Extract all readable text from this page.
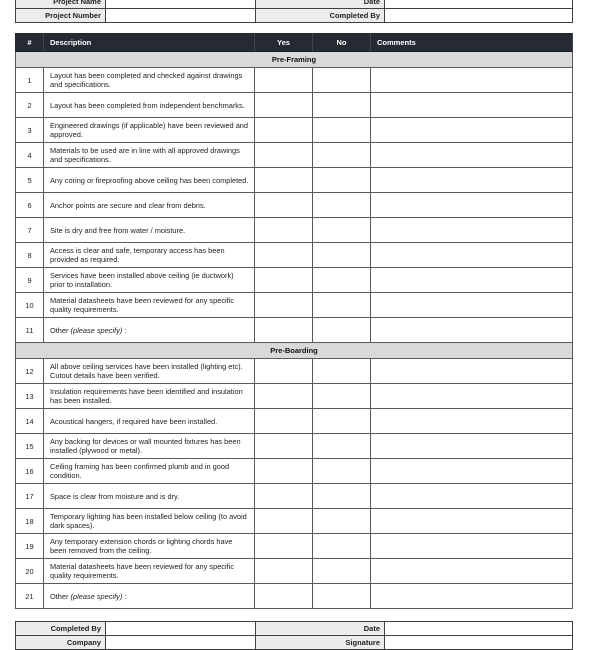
Project Name		Date	
Project Number		Completed By	
#	Description	Yes	No	Comments
Pre-Framing				
1	Layout has been completed and checked against drawings and specifications.			
2	Layout has been completed from independent benchmarks.			
3	Engineered drawings (if applicable) have been reviewed and approved.			
4	Materials to be used are in line with all approved drawings and specifications.			
5	Any coring or fireproofing above ceiling has been completed.			
6	Anchor points are secure and clear from debris.			
7	Site is dry and free from water / moisture.			
8	Access is clear and safe, temporary access has been provided as required.			
9	Services have been installed above ceiling (ie ductwork) prior to installation.			
10	Material datasheets have been reviewed for any specific quality requirements.			
11	Other (please specify) :			
Pre-Boarding				
12	All above ceiling services have been installed (lighting etc). Cutout details have been verified.			
13	Insulation requirements have been identified and insulation has been installed.			
14	Acoustical hangers, if required have been installed.			
15	Any backing for devices or wall mounted fixtures has been installed (plywood or metal).			
16	Ceiling framing has been confirmed plumb and in good condition.			
17	Space is clear from moisture and is dry.			
18	Temporary lighting has been installed below ceiling (to avoid dark spaces).			
19	Any temporary extension chords or lighting chords have been removed from the ceiling.			
20	Material datasheets have been reviewed for any specific quality requirements.			
21	Other (please specify) :			
Completed By		Date	
Company		Signature	
